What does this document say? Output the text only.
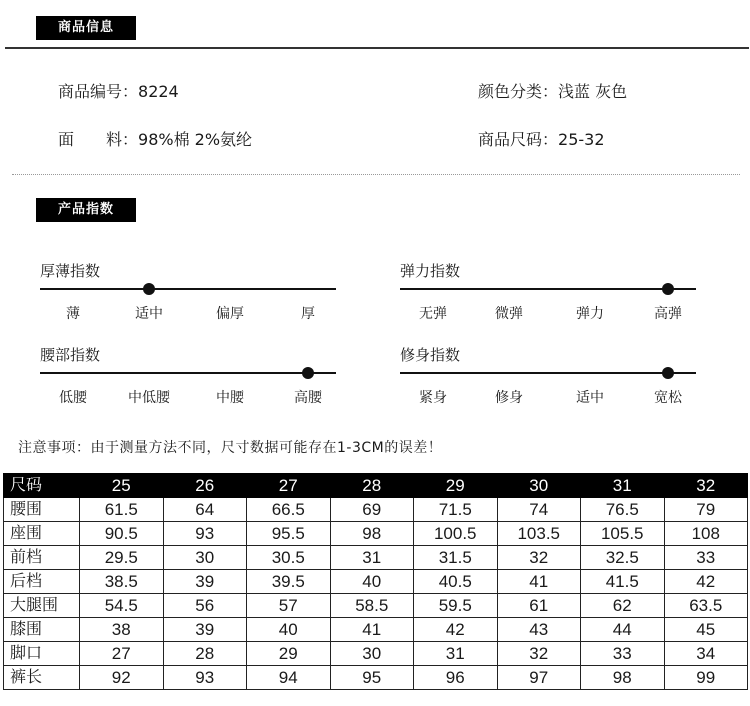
商品信息
商品编号：8224	颜色分类：浅蓝 灰色
面　　料：98%棉 2%氨纶	商品尺码：25-32
产品指数
厚薄指数
薄	适中	偏厚	厚
弹力指数
无弹	微弹	弹力	高弹
腰部指数
低腰	中低腰	中腰	高腰
修身指数
紧身	修身	适中	宽松
注意事项：由于测量方法不同，尺寸数据可能存在1-3CM的误差！
尺码	25	26	27	28	29	30	31	32
腰围	61.5	64	66.5	69	71.5	74	76.5	79
座围	90.5	93	95.5	98	100.5	103.5	105.5	108
前档	29.5	30	30.5	31	31.5	32	32.5	33
后档	38.5	39	39.5	40	40.5	41	41.5	42
大腿围	54.5	56	57	58.5	59.5	61	62	63.5
膝围	38	39	40	41	42	43	44	45
脚口	27	28	29	30	31	32	33	34
裤长	92	93	94	95	96	97	98	99
